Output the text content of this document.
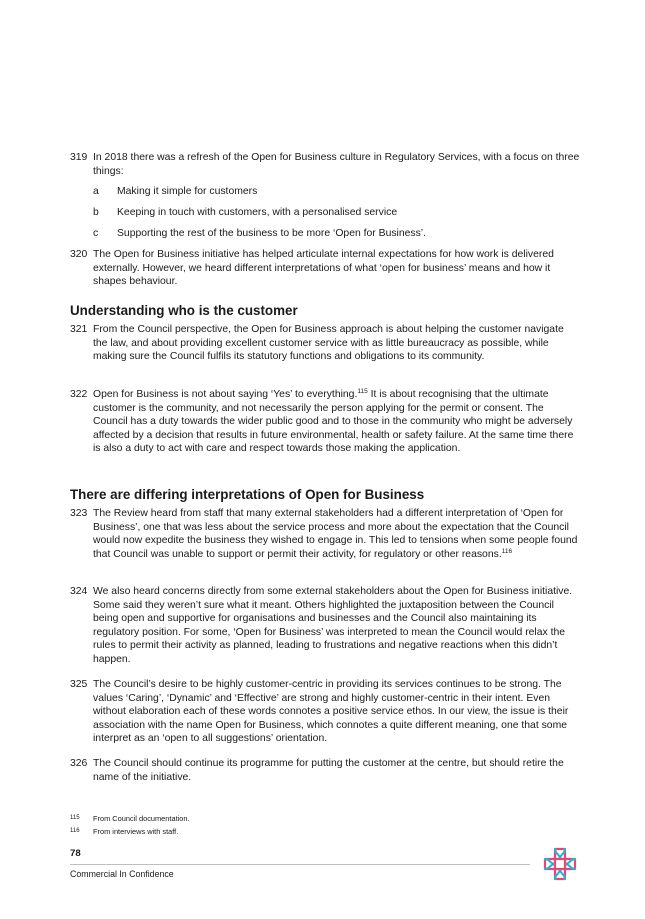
319 In 2018 there was a refresh of the Open for Business culture in Regulatory Services, with a focus on three things:
a Making it simple for customers
b Keeping in touch with customers, with a personalised service
c Supporting the rest of the business to be more ‘Open for Business’.
320 The Open for Business initiative has helped articulate internal expectations for how work is delivered externally. However, we heard different interpretations of what ‘open for business’ means and how it shapes behaviour.
Understanding who is the customer
321 From the Council perspective, the Open for Business approach is about helping the customer navigate the law, and about providing excellent customer service with as little bureaucracy as possible, while making sure the Council fulfils its statutory functions and obligations to its community.
322 Open for Business is not about saying ‘Yes’ to everything.$^{115}$ It is about recognising that the ultimate customer is the community, and not necessarily the person applying for the permit or consent. The Council has a duty towards the wider public good and to those in the community who might be adversely affected by a decision that results in future environmental, health or safety failure. At the same time there is also a duty to act with care and respect towards those making the application.
There are differing interpretations of Open for Business
323 The Review heard from staff that many external stakeholders had a different interpretation of ‘Open for Business’, one that was less about the service process and more about the expectation that the Council would now expedite the business they wished to engage in. This led to tensions when some people found that Council was unable to support or permit their activity, for regulatory or other reasons.$^{116}$
324 We also heard concerns directly from some external stakeholders about the Open for Business initiative. Some said they weren’t sure what it meant. Others highlighted the juxtaposition between the Council being open and supportive for organisations and businesses and the Council also maintaining its regulatory position. For some, ‘Open for Business’ was interpreted to mean the Council would relax the rules to permit their activity as planned, leading to frustrations and negative reactions when this didn’t happen.
325 The Council’s desire to be highly customer-centric in providing its services continues to be strong. The values ‘Caring’, ‘Dynamic’ and ‘Effective’ are strong and highly customer-centric in their intent. Even without elaboration each of these words connotes a positive service ethos. In our view, the issue is their association with the name Open for Business, which connotes a quite different meaning, one that some interpret as an ‘open to all suggestions’ orientation.
326 The Council should continue its programme for putting the customer at the centre, but should retire the name of the initiative.
115 From Council documentation.
116 From interviews with staff.
78
Commercial In Confidence
